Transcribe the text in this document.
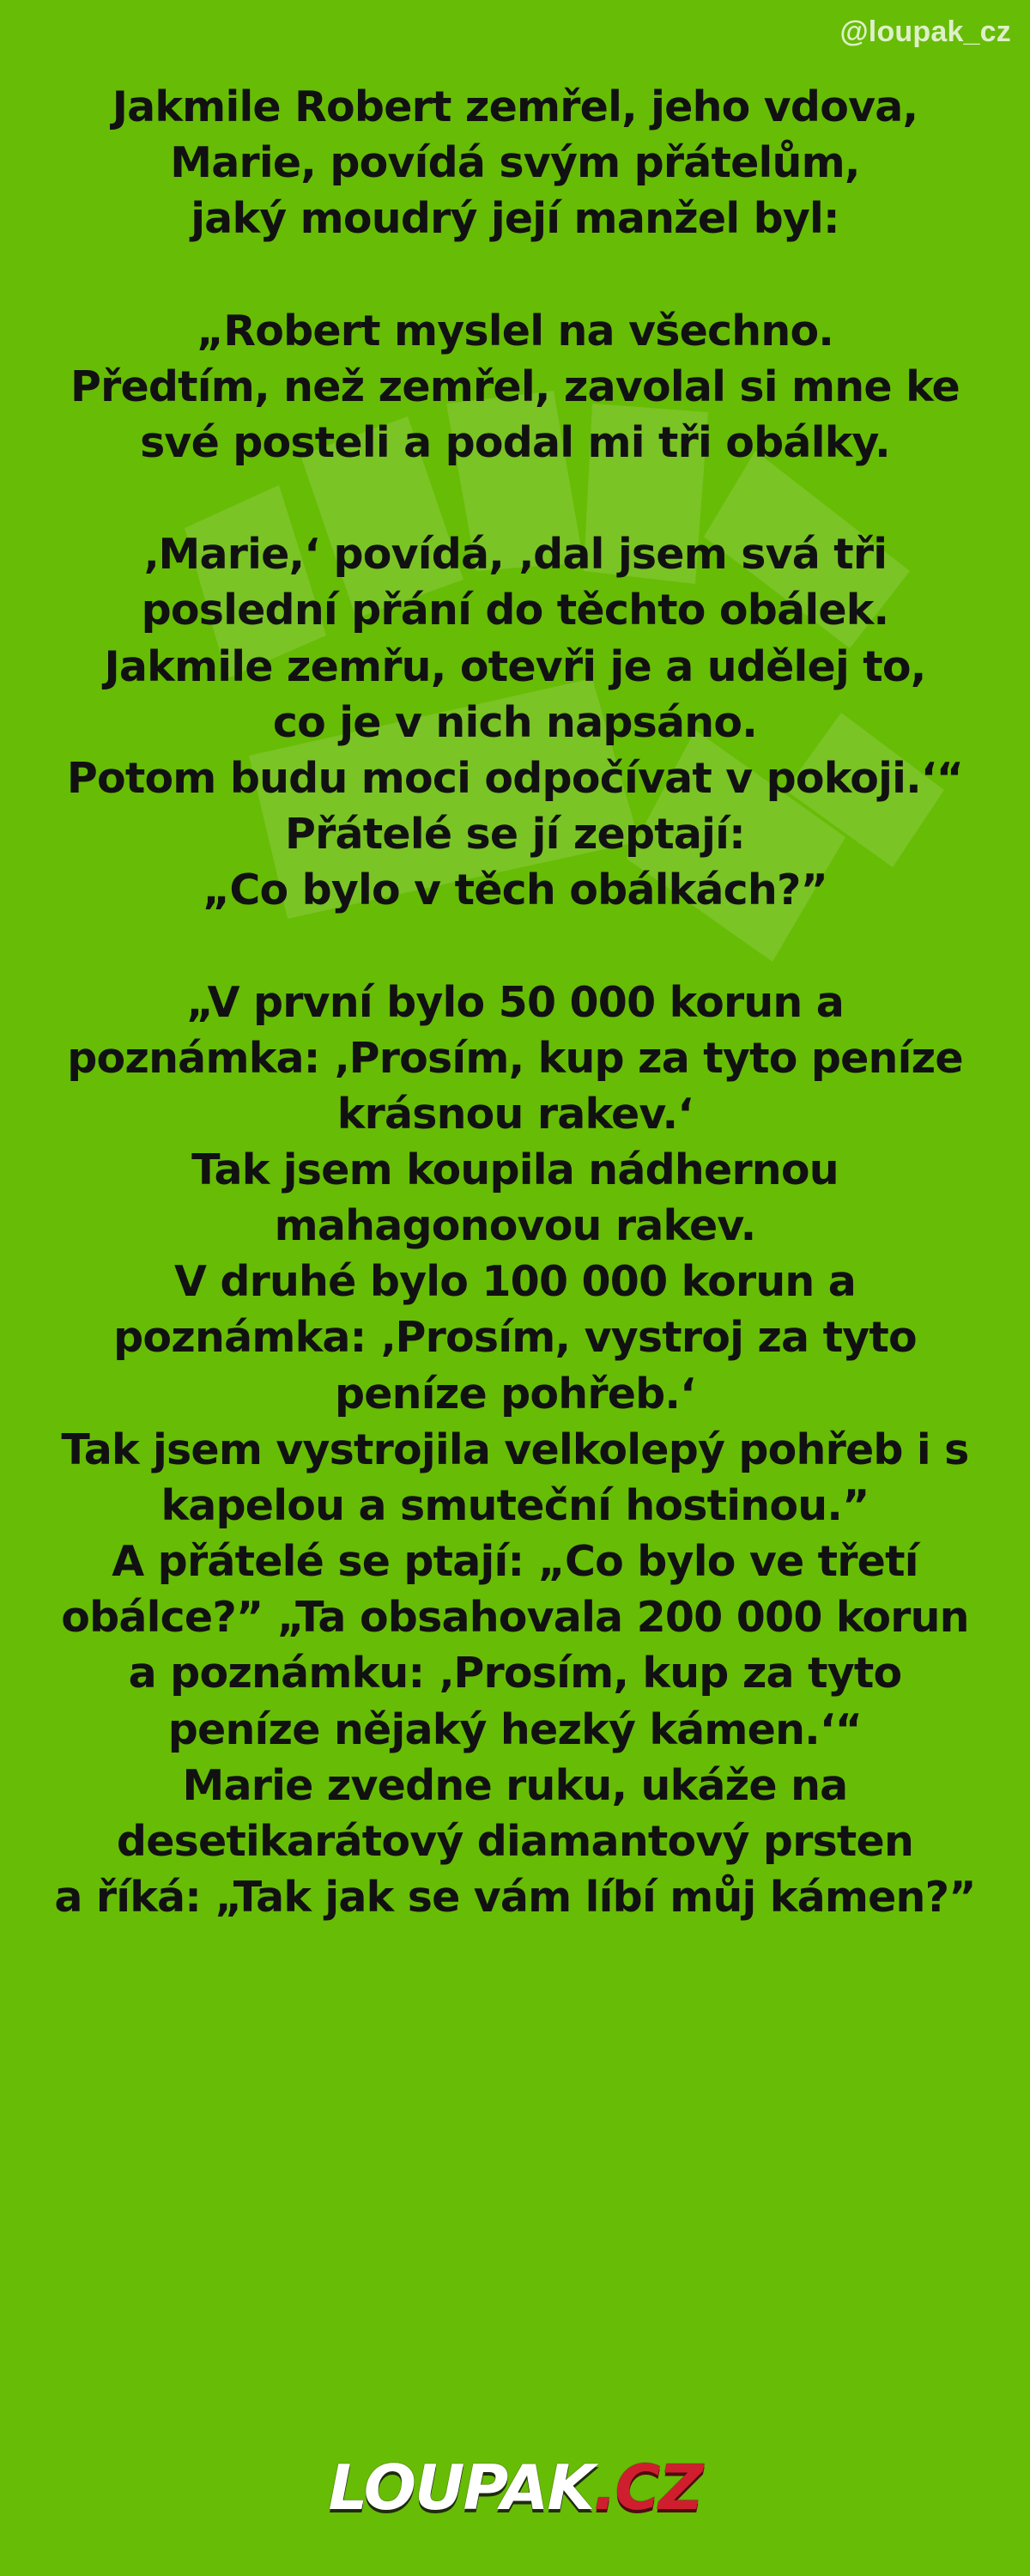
@loupak_cz
Jakmile Robert zemřel, jeho vdova,
Marie, povídá svým přátelům,
jaký moudrý její manžel byl:

„Robert myslel na všechno.
Předtím, než zemřel, zavolal si mne ke
své posteli a podal mi tři obálky.

‚Marie,‘ povídá, ‚dal jsem svá tři
poslední přání do těchto obálek.
Jakmile zemřu, otevři je a udělej to,
co je v nich napsáno.
Potom budu moci odpočívat v pokoji.‘“
Přátelé se jí zeptají:
„Co bylo v těch obálkách?”

„V první bylo 50 000 korun a
poznámka: ‚Prosím, kup za tyto peníze
krásnou rakev.‘
Tak jsem koupila nádhernou
mahagonovou rakev.
V druhé bylo 100 000 korun a
poznámka: ‚Prosím, vystroj za tyto
peníze pohřeb.‘
Tak jsem vystrojila velkolepý pohřeb i s
kapelou a smuteční hostinou.”
A přátelé se ptají: „Co bylo ve třetí
obálce?” „Ta obsahovala 200 000 korun
a poznámku: ‚Prosím, kup za tyto
peníze nějaký hezký kámen.‘“
Marie zvedne ruku, ukáže na
desetikarátový diamantový prsten
a říká: „Tak jak se vám líbí můj kámen?”
LOUPAK.CZ
